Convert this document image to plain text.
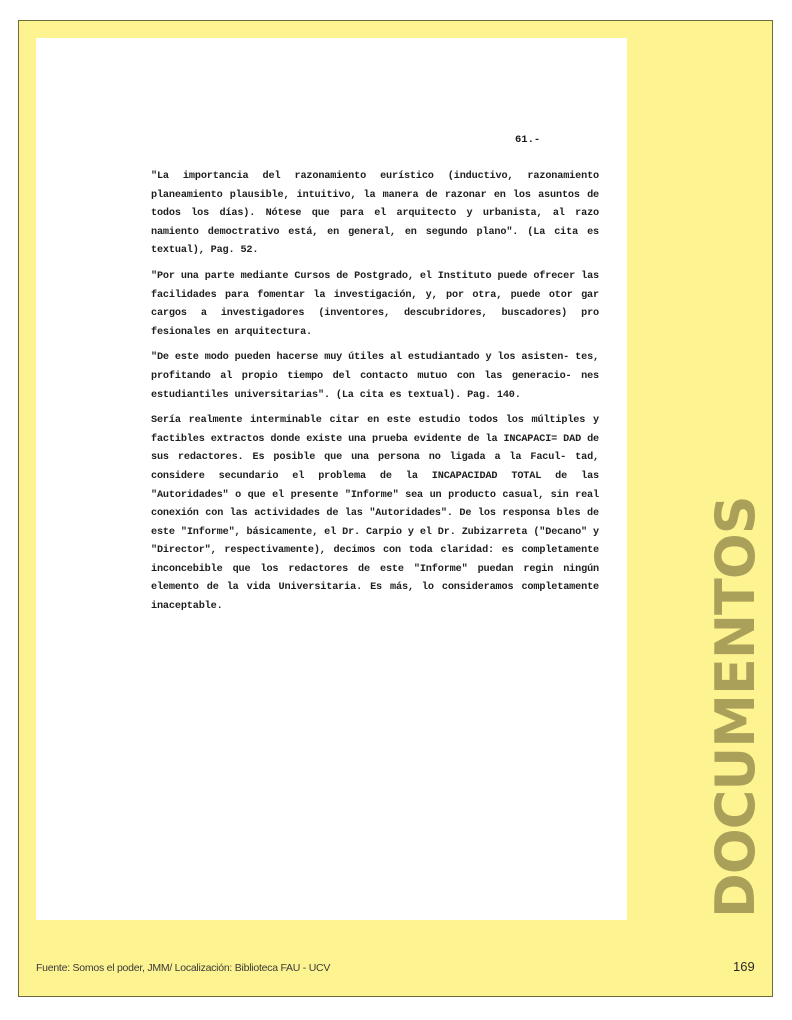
61.-

"La importancia del razonamiento eurístico (inductivo, razonamiento planeamiento plausible, intuitivo, la manera de razonar en los asuntos de todos los días). Nótese que para el arquitecto y urbanista, al razo namiento democtrativo está, en general, en segundo plano". (La cita es textual), Pag. 52.

"Por una parte mediante Cursos de Postgrado, el Instituto puede ofrecer las facilidades para fomentar la investigación, y, por otra, puede otor gar cargos a investigadores (inventores, descubridores, buscadores) pro fesionales en arquitectura.

"De este modo pueden hacerse muy útiles al estudiantado y los asisten- tes, profitando al propio tiempo del contacto mutuo con las generacio- nes estudiantiles universitarias". (La cita es textual). Pag. 140.

Sería realmente interminable citar en este estudio todos los múltiples y factibles extractos donde existe una prueba evidente de la INCAPACI= DAD de sus redactores. Es posible que una persona no ligada a la Facul- tad, considere secundario el problema de la INCAPACIDAD TOTAL de las "Autoridades" o que el presente "Informe" sea un producto casual, sin real conexión con las actividades de las "Autoridades". De los responsa bles de este "Informe", básicamente, el Dr. Carpio y el Dr. Zubizarreta ("Decano" y "Director", respectivamente), decimos con toda claridad: es completamente inconcebible que los redactores de este "Informe" puedan regin ningún elemento de la vida Universitaria. Es más, lo consideramos completamente inaceptable.	DOCUMENTOS
Fuente: Somos el poder, JMM/ Localización: Biblioteca FAU - UCV	169
